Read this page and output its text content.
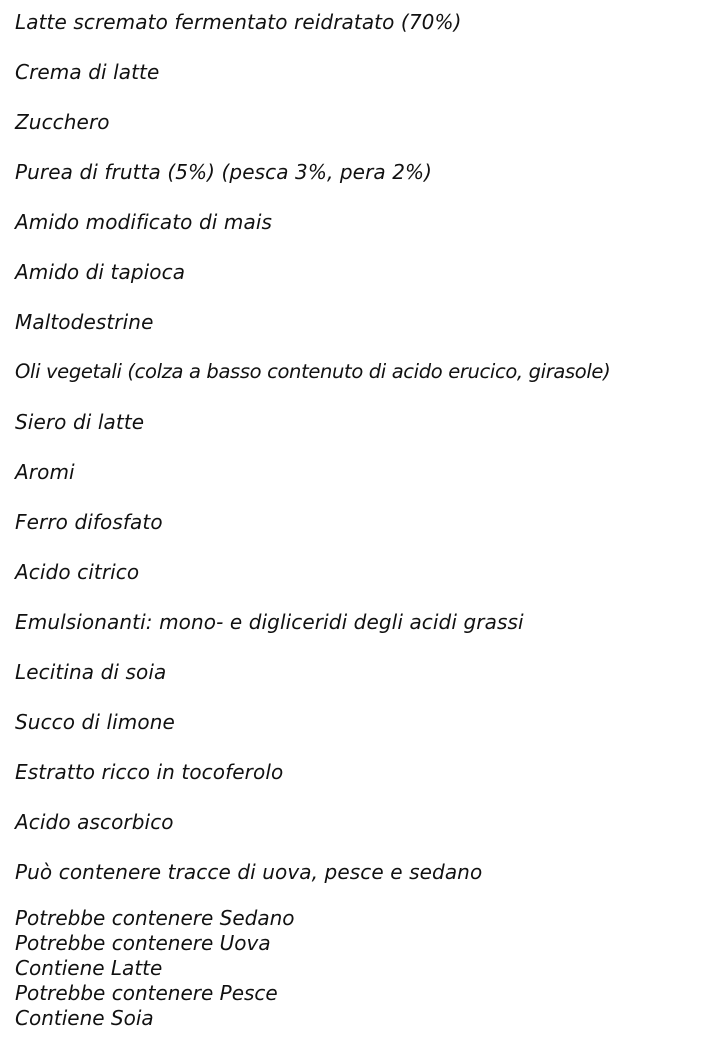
Latte scremato fermentato reidratato (70%)
Crema di latte
Zucchero
Purea di frutta (5%) (pesca 3%, pera 2%)
Amido modificato di mais
Amido di tapioca
Maltodestrine
Oli vegetali (colza a basso contenuto di acido erucico, girasole)
Siero di latte
Aromi
Ferro difosfato
Acido citrico
Emulsionanti: mono- e digliceridi degli acidi grassi
Lecitina di soia
Succo di limone
Estratto ricco in tocoferolo
Acido ascorbico
Può contenere tracce di uova, pesce e sedano
Potrebbe contenere Sedano
Potrebbe contenere Uova
Contiene Latte
Potrebbe contenere Pesce
Contiene Soia
